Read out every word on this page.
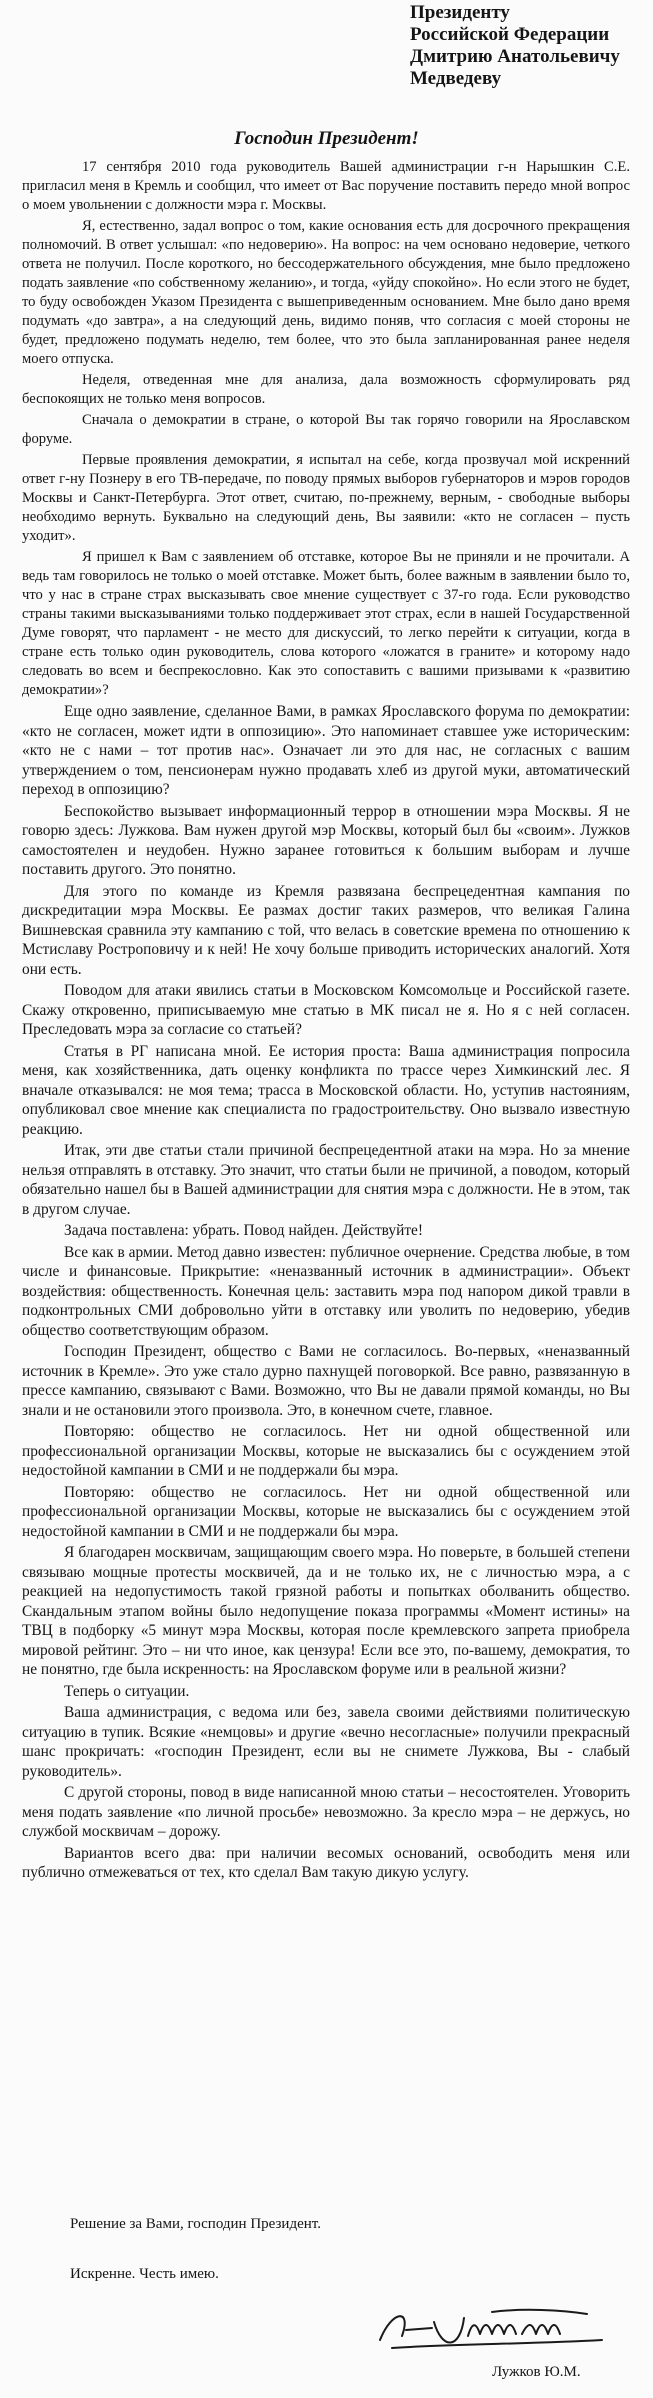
Президенту
Российской Федерации
Дмитрию Анатольевичу
Медведеву
Господин Президент!

17 сентября 2010 года руководитель Вашей администрации г-н Нарышкин С.Е. пригласил меня в Кремль и сообщил, что имеет от Вас поручение поставить передо мной вопрос о моем увольнении с должности мэра г. Москвы.

Я, естественно, задал вопрос о том, какие основания есть для досрочного прекращения полномочий. В ответ услышал: «по недоверию». На вопрос: на чем основано недоверие, четкого ответа не получил. После короткого, но бессодержательного обсуждения, мне было предложено подать заявление «по собственному желанию», и тогда, «уйду спокойно». Но если этого не будет, то буду освобожден Указом Президента с вышеприведенным основанием. Мне было дано время подумать «до завтра», а на следующий день, видимо поняв, что согласия с моей стороны не будет, предложено подумать неделю, тем более, что это была запланированная ранее неделя моего отпуска.

Неделя, отведенная мне для анализа, дала возможность сформулировать ряд беспокоящих не только меня вопросов.

Сначала о демократии в стране, о которой Вы так горячо говорили на Ярославском форуме.

Первые проявления демократии, я испытал на себе, когда прозвучал мой искренний ответ г-ну Познеру в его ТВ-передаче, по поводу прямых выборов губернаторов и мэров городов Москвы и Санкт-Петербурга. Этот ответ, считаю, по-прежнему, верным, - свободные выборы необходимо вернуть. Буквально на следующий день, Вы заявили: «кто не согласен – пусть уходит».

Я пришел к Вам с заявлением об отставке, которое Вы не приняли и не прочитали. А ведь там говорилось не только о моей отставке. Может быть, более важным в заявлении было то, что у нас в стране страх высказывать свое мнение существует с 37-го года. Если руководство страны такими высказываниями только поддерживает этот страх, если в нашей Государственной Думе говорят, что парламент - не место для дискуссий, то легко перейти к ситуации, когда в стране есть только один руководитель, слова которого «ложатся в граните» и которому надо следовать во всем и беспрекословно. Как это сопоставить с вашими призывами к «развитию демократии»?

Еще одно заявление, сделанное Вами, в рамках Ярославского форума по демократии: «кто не согласен, может идти в оппозицию». Это напоминает ставшее уже историческим: «кто не с нами – тот против нас». Означает ли это для нас, не согласных с вашим утверждением о том, пенсионерам нужно продавать хлеб из другой муки, автоматический переход в оппозицию?

Беспокойство вызывает информационный террор в отношении мэра Москвы. Я не говорю здесь: Лужкова. Вам нужен другой мэр Москвы, который был бы «своим». Лужков самостоятелен и неудобен. Нужно заранее готовиться к большим выборам и лучше поставить другого. Это понятно.

Для этого по команде из Кремля развязана беспрецедентная кампания по дискредитации мэра Москвы. Ее размах достиг таких размеров, что великая Галина Вишневская сравнила эту кампанию с той, что велась в советские времена по отношению к Мстиславу Ростроповичу и к ней! Не хочу больше приводить исторических аналогий. Хотя они есть.

Поводом для атаки явились статьи в Московском Комсомольце и Российской газете. Скажу откровенно, приписываемую мне статью в МК писал не я. Но я с ней согласен. Преследовать мэра за согласие со статьей?

Статья в РГ написана мной. Ее история проста: Ваша администрация попросила меня, как хозяйственника, дать оценку конфликта по трассе через Химкинский лес. Я вначале отказывался: не моя тема; трасса в Московской области. Но, уступив настояниям, опубликовал свое мнение как специалиста по градостроительству. Оно вызвало известную реакцию.

Итак, эти две статьи стали причиной беспрецедентной атаки на мэра. Но за мнение нельзя отправлять в отставку. Это значит, что статьи были не причиной, а поводом, который обязательно нашел бы в Вашей администрации для снятия мэра с должности. Не в этом, так в другом случае.

Задача поставлена: убрать. Повод найден. Действуйте!

Все как в армии. Метод давно известен: публичное очернение. Средства любые, в том числе и финансовые. Прикрытие: «неназванный источник в администрации». Объект воздействия: общественность. Конечная цель: заставить мэра под напором дикой травли в подконтрольных СМИ добровольно уйти в отставку или уволить по недоверию, убедив общество соответствующим образом.

Господин Президент, общество с Вами не согласилось. Во-первых, «неназванный источник в Кремле». Это уже стало дурно пахнущей поговоркой. Все равно, развязанную в прессе кампанию, связывают с Вами. Возможно, что Вы не давали прямой команды, но Вы знали и не остановили этого произвола. Это, в конечном счете, главное.

Повторяю: общество не согласилось. Нет ни одной общественной или профессиональной организации Москвы, которые не высказались бы с осуждением этой недостойной кампании в СМИ и не поддержали бы мэра.

Повторяю: общество не согласилось. Нет ни одной общественной или профессиональной организации Москвы, которые не высказались бы с осуждением этой недостойной кампании в СМИ и не поддержали бы мэра.

Я благодарен москвичам, защищающим своего мэра. Но поверьте, в большей степени связываю мощные протесты москвичей, да и не только их, не с личностью мэра, а с реакцией на недопустимость такой грязной работы и попытках оболванить общество. Скандальным этапом войны было недопущение показа программы «Момент истины» на ТВЦ в подборку «5 минут мэра Москвы, которая после кремлевского запрета приобрела мировой рейтинг. Это – ни что иное, как цензура! Если все это, по-вашему, демократия, то не понятно, где была искренность: на Ярославском форуме или в реальной жизни?

Теперь о ситуации.

Ваша администрация, с ведома или без, завела своими действиями политическую ситуацию в тупик. Всякие «немцовы» и другие «вечно несогласные» получили прекрасный шанс прокричать: «господин Президент, если вы не снимете Лужкова, Вы - слабый руководитель».

С другой стороны, повод в виде написанной мною статьи – несостоятелен. Уговорить меня подать заявление «по личной просьбе» невозможно. За кресло мэра – не держусь, но службой москвичам – дорожу.

Вариантов всего два: при наличии весомых оснований, освободить меня или публично отмежеваться от тех, кто сделал Вам такую дикую услугу.

Решение за Вами, господин Президент.
Искренне. Честь имею.
Лужков Ю.М.
